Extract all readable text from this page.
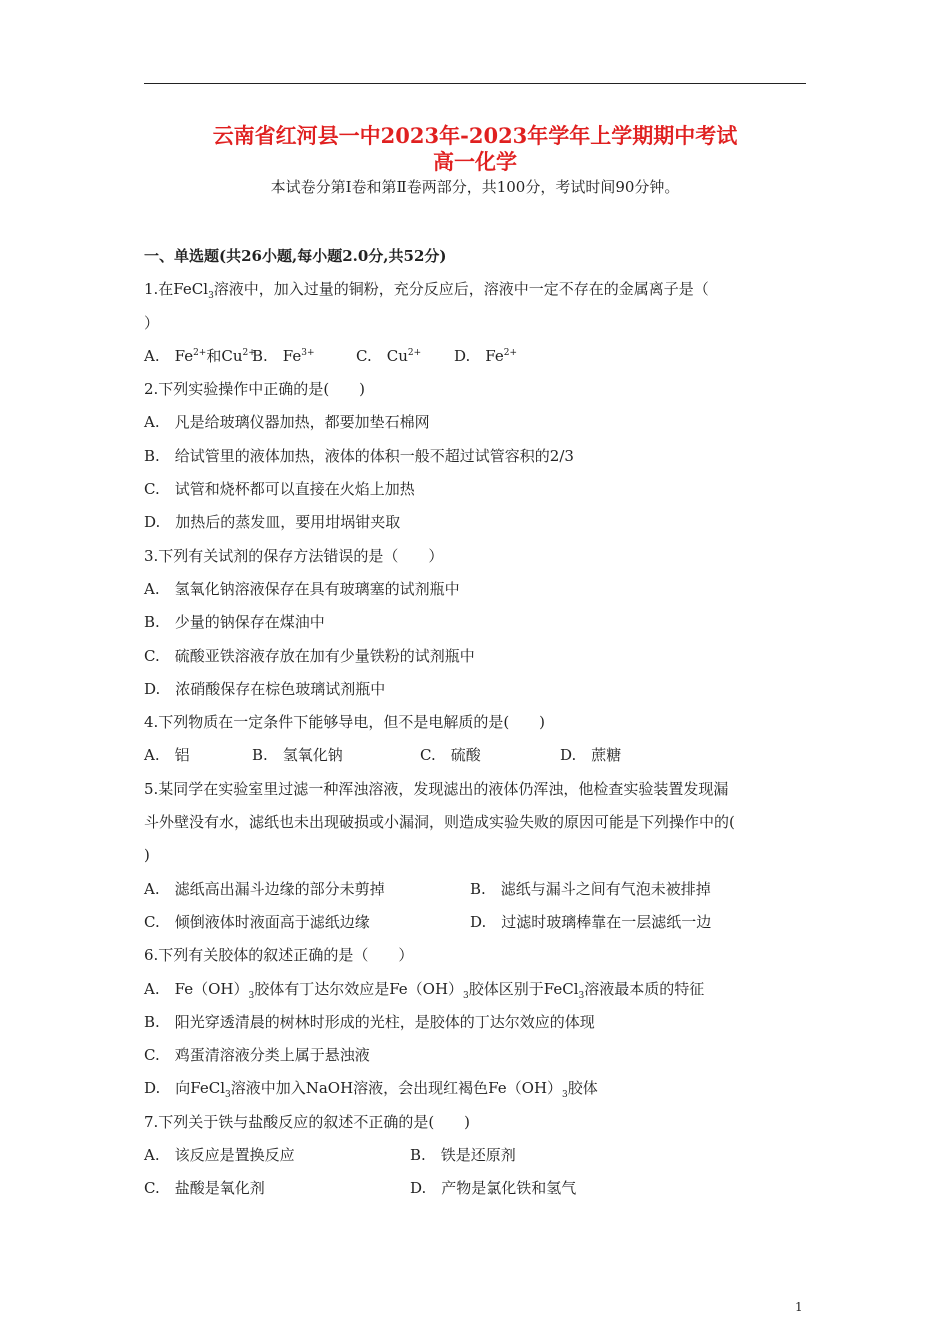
云南省红河县一中2023年-2023年学年上学期期中考试
高一化学
本试卷分第Ⅰ卷和第Ⅱ卷两部分，共100分，考试时间90分钟。
一、单选题(共26小题,每小题2.0分,共52分)
1.在FeCl$_3$溶液中，加入过量的铜粉，充分反应后，溶液中一定不存在的金属离子是（
）
A.　$Fe^{2+}$和$Cu^{2+}B$.　$Fe^{3+}$	C.　$Cu^{2+}$ D.　$Fe^{2+}$
2.下列实验操作中正确的是(　　)
A.　凡是给玻璃仪器加热，都要加垫石棉网
B.　给试管里的液体加热，液体的体积一般不超过试管容积的2/3
C.　试管和烧杯都可以直接在火焰上加热
D.　加热后的蒸发皿，要用坩埚钳夹取
3.下列有关试剂的保存方法错误的是（　　）
A.　氢氧化钠溶液保存在具有玻璃塞的试剂瓶中
B.　少量的钠保存在煤油中
C.　硫酸亚铁溶液存放在加有少量铁粉的试剂瓶中
D.　浓硝酸保存在棕色玻璃试剂瓶中
4.下列物质在一定条件下能够导电，但不是电解质的是(　　)
A.　铝	B.　氢氧化钠	C.　硫酸	D.　蔗糖
5.某同学在实验室里过滤一种浑浊溶液，发现滤出的液体仍浑浊，他检查实验装置发现漏
斗外壁没有水，滤纸也未出现破损或小漏洞，则造成实验失败的原因可能是下列操作中的(
)
A.　滤纸高出漏斗边缘的部分未剪掉	B.　滤纸与漏斗之间有气泡未被排掉
C.　倾倒液体时液面高于滤纸边缘	D.　过滤时玻璃棒靠在一层滤纸一边
6.下列有关胶体的叙述正确的是（　　）
A.　$Fe(OH)_3$胶体有丁达尔效应是$Fe(OH)_3$胶体区别于FeCl$_3$溶液最本质的特征
B.　阳光穿透清晨的树林时形成的光柱，是胶体的丁达尔效应的体现
C.　鸡蛋清溶液分类上属于悬浊液
D.　向FeCl$_3$溶液中加入NaOH溶液，会出现红褐色$Fe(OH)_3$胶体
7.下列关于铁与盐酸反应的叙述不正确的是(　　)
A.　该反应是置换反应	B.　铁是还原剂
C.　盐酸是氧化剂	D.　产物是氯化铁和氢气
1
